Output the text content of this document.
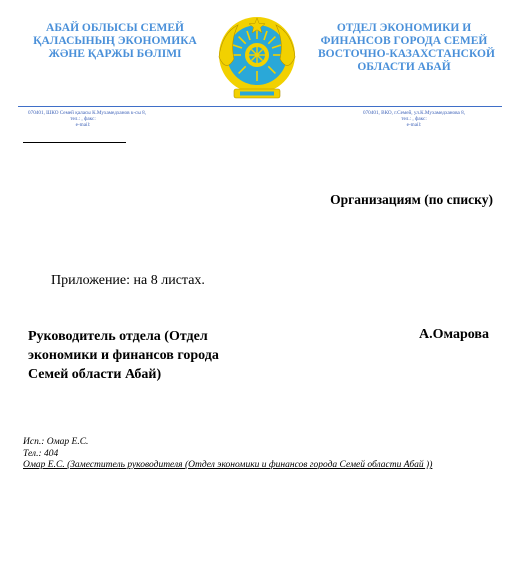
АБАЙ ОБЛЫСЫ СЕМЕЙ
ҚАЛАСЫНЫҢ ЭКОНОМИКА
ЖӘНЕ ҚАРЖЫ БӨЛІМІ
ОТДЕЛ ЭКОНОМИКИ И
ФИНАНСОВ ГОРОДА СЕМЕЙ
ВОСТОЧНО-КАЗАХСТАНСКОЙ
ОБЛАСТИ АБАЙ
070401, ШКО Семей қаласы К.Мухамедханов к-сы 8,
тел.: , факс:
e-mail:
070401, ВКО, г.Семей, ул.К.Мухамедханова 8,
тел.: , факс:
e-mail:
Организациям (по списку)
Приложение: на 8 листах.
Руководитель отдела (Отдел
экономики и финансов города
Семей области Абай)
А.Омарова
Исп.: Омар Е.С.
Тел.: 404
Омар Е.С. (Заместитель руководителя (Отдел экономики и финансов города Семей области Абай ))
